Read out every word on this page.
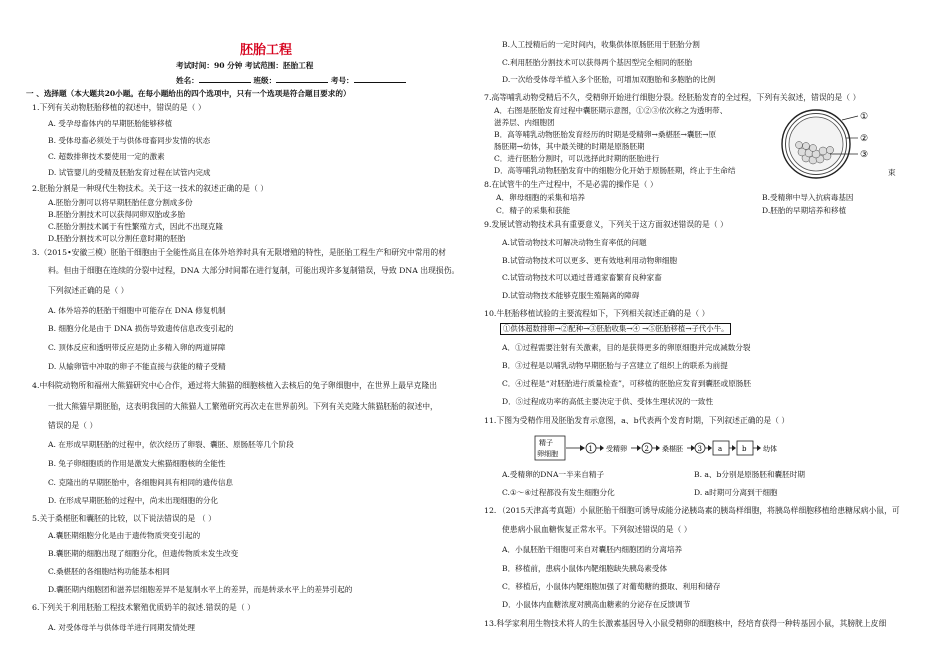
胚胎工程
考试时间：90 分钟 考试范围：胚胎工程
姓名：	班级：	考号：
一 、选择题（本大题共20小题。在每小题给出的四个选项中，只有一个选项是符合题目要求的）
1.下列有关动物胚胎移植的叙述中，错误的是（ ）
A. 受孕母畜体内的早期胚胎能够移植
B. 受体母畜必须处于与供体母畜同步发情的状态
C. 超数排卵技术要使用一定的激素
D. 试管婴儿的受精及胚胎发育过程在试管内完成
2.胚胎分割是一种现代生物技术。关于这一技术的叙述正确的是（ ）
A.胚胎分割可以将早期胚胎任意分割成多份
B.胚胎分割技术可以获得同卵双胎或多胎
C.胚胎分割技术属于有性繁殖方式，因此不出现克隆
D.胚胎分割技术可以分割任意时期的胚胎
3.（2015•安徽三模）胚胎干细胞由于全能性高且在体外培养时具有无限增殖的特性，是胚胎工程生产和研究中常用的材
料。但由于细胞在连续的分裂中过程，DNA 大部分时间都在进行复制，可能出现许多复制错误，导致 DNA 出现损伤。
下列叙述正确的是（ ）
A. 体外培养的胚胎干细胞中可能存在 DNA 修复机制
B. 细胞分化是由于 DNA 损伤导致遗传信息改变引起的
C. 顶体反应和透明带反应是防止多精入卵的两道屏障
D. 从输卵管中冲取的卵子不能直接与获能的精子受精
4.中科院动物所和福州大熊猫研究中心合作，通过将大熊猫的细胞核植入去核后的兔子卵细胞中，在世界上最早克隆出
一批大熊猫早期胚胎，这表明我国的大熊猫人工繁殖研究再次走在世界前列。下列有关克隆大熊猫胚胎的叙述中，
错误的是（ ）
A. 在形成早期胚胎的过程中，依次经历了卵裂、囊胚、原肠胚等几个阶段
B. 兔子卵细胞质的作用是激发大熊猫细胞核的全能性
C. 克隆出的早期胚胎中，各细胞间具有相同的遗传信息
D. 在形成早期胚胎的过程中，尚未出现细胞的分化
5.关于桑椹胚和囊胚的比较，以下说法错误的是 （ ）
A.囊胚期细胞分化是由于遗传物质突变引起的
B.囊胚期的细胞出现了细胞分化，但遗传物质未发生改变
C.桑椹胚的各细胞结构功能基本相同
D.囊胚期内细胞团和滋养层细胞差异不是复制水平上的差异，而是转录水平上的差异引起的
6.下列关于利用胚胎工程技术繁殖优质奶羊的叙述.错误的是（ ）
A. 对受体母羊与供体母羊进行同期发情处理
B.人工授精后的一定时间内，收集供体原肠胚用于胚胎分割
C.利用胚胎分割技术可以获得两个基因型完全相同的胚胎
D.一次给受体母羊植入多个胚胎，可增加双胞胎和多胞胎的比例
7.高等哺乳动物受精后不久，受精卵开始进行细胞分裂。经胚胎发育的全过程，下列有关叙述，错误的是（ ）
A．右图是胚胎发育过程中囊胚期示意图，①②③依次称之为透明带、
滋养层、内细胞团
B．高等哺乳动物胚胎发育经历的时期是受精卵→桑椹胚→囊胚→原
肠胚期→幼体，其中最关键的时期是原肠胚期
C．进行胚胎分割时，可以选择此时期的胚胎进行
D．高等哺乳动物胚胎发育中的细胞分化开始于原肠胚期，终止于生命结	束
①
②
③
8.在试管牛的生产过程中，不是必需的操作是（ ）
A．卵母细胞的采集和培养	B.受精卵中导入抗病毒基因
C．精子的采集和获能	D.胚胎的早期培养和移植
9.发展试管动物技术具有重要意义，下列关于这方面叙述错误的是（ ）
A.试管动物技术可解决动物生育率低的问题
B.试管动物技术可以更多、更有效地利用动物卵细胞
C.试管动物技术可以通过普通家畜繁育良种家畜
D.试管动物技术能够克服生殖隔离的障碍
10.牛胚胎移植试验的主要流程如下，下列相关叙述正确的是（ ）
①供体超数排卵→②配种→③胚胎收集→④ →⑤胚胎移植→子代小牛。
A．①过程需要注射有关激素，目的是获得更多的卵原细胞并完成减数分裂
B．③过程是以哺乳动物早期胚胎与子宫建立了组织上的联系为前提
C．④过程是“对胚胎进行质量检查”，可移植的胚胎应发育到囊胚或原肠胚
D．⑤过程成功率的高低主要决定于供、受体生理状况的一致性
11.下图为受精作用及胚胎发育示意图，a、b代表两个发育时期，下列叙述正确的是（ ）
精子
卵细胞
1 受精卵	2 桑椹胚 3 a	b 幼体
A.受精卵的DNA一半来自精子	B. a、b分别是原肠胚和囊胚时期
C.①～④过程都没有发生细胞分化	D. a时期可分离到干细胞
12．（2015天津高考真题）小鼠胚胎干细胞可诱导成能分泌胰岛素的胰岛样细胞，将胰岛样细胞移植给患糖尿病小鼠，可
使患病小鼠血糖恢复正常水平。下列叙述错误的是（ ）
A．小鼠胚胎干细胞可来自对囊胚内细胞团的分离培养
B．移植前，患病小鼠体内靶细胞缺失胰岛素受体
C．移植后，小鼠体内靶细胞加强了对葡萄糖的摄取、利用和储存
D．小鼠体内血糖浓度对胰高血糖素的分泌存在反馈调节
13.科学家利用生物技术将人的生长激素基因导入小鼠受精卵的细胞核中，经培育获得一种转基因小鼠，其膀胱上皮细
